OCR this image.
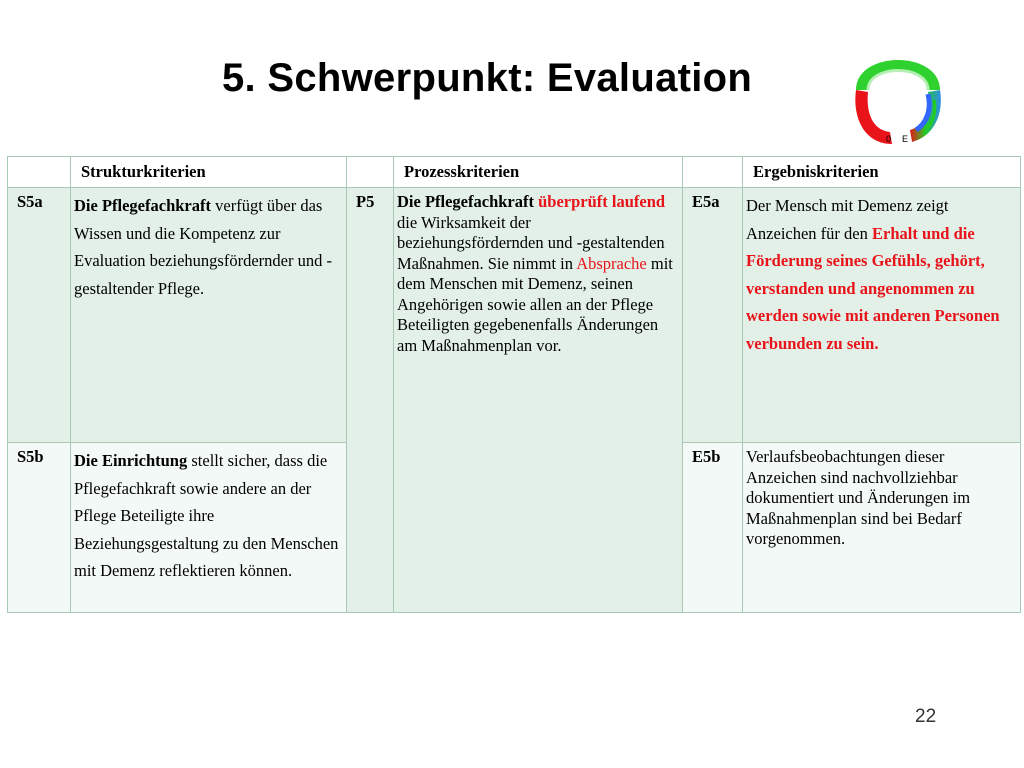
5. Schwerpunkt: Evaluation
0 E
	Strukturkriterien		Prozesskriterien		Ergebniskriterien
S5a	Die Pflegefachkraft verfügt über das Wissen und die Kompetenz zur Evaluation beziehungsfördernder und -gestaltender Pflege.	P5	Die Pflegefachkraft überprüft laufend die Wirksamkeit der beziehungsfördernden und -gestaltenden Maßnahmen. Sie nimmt in Absprache mit dem Menschen mit Demenz, seinen Angehörigen sowie allen an der Pflege Beteiligten gegebenenfalls Änderungen am Maßnahmenplan vor.	E5a	Der Mensch mit Demenz zeigt Anzeichen für den Erhalt und die Förderung seines Gefühls, gehört, verstanden und angenommen zu werden sowie mit anderen Personen verbunden zu sein.
S5b	Die Einrichtung stellt sicher, dass die Pflegefachkraft sowie andere an der Pflege Beteiligte ihre Beziehungsgestaltung zu den Menschen mit Demenz reflektieren können.			E5b	Verlaufsbeobachtungen dieser Anzeichen sind nachvollziehbar dokumentiert und Änderungen im Maßnahmenplan sind bei Bedarf vorgenommen.
22
